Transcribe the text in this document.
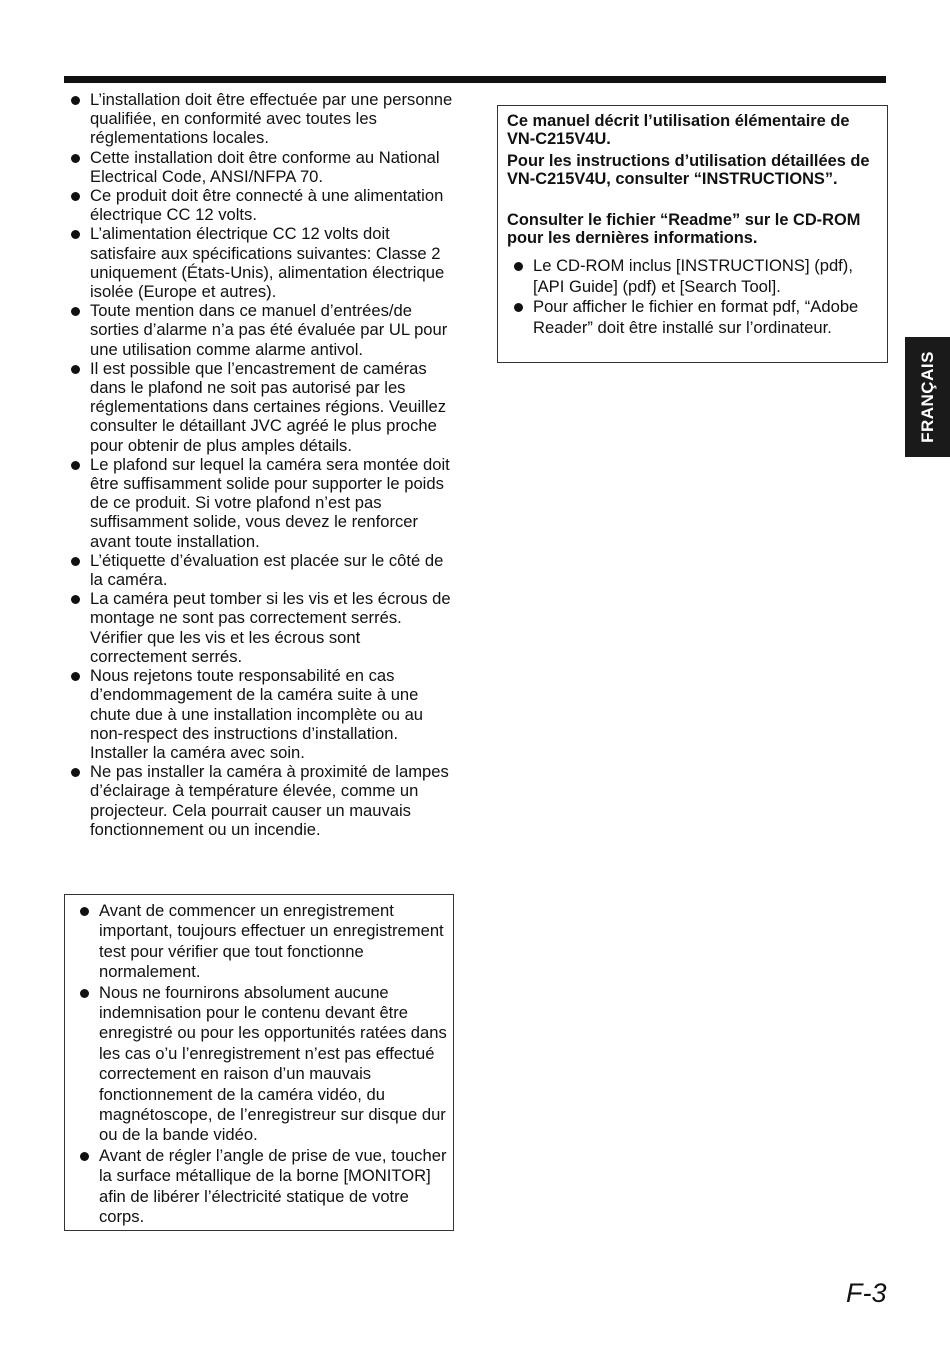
L’installation doit être effectuée par une personne qualifiée, en conformité avec toutes les réglementations locales.
Cette installation doit être conforme au National Electrical Code, ANSI/NFPA 70.
Ce produit doit être connecté à une alimentation électrique CC 12 volts.
L’alimentation électrique CC 12 volts doit satisfaire aux spécifications suivantes: Classe 2 uniquement (États-Unis), alimentation électrique isolée (Europe et autres).
Toute mention dans ce manuel d’entrées/de sorties d’alarme n’a pas été évaluée par UL pour une utilisation comme alarme antivol.
Il est possible que l’encastrement de caméras dans le plafond ne soit pas autorisé par les réglementations dans certaines régions. Veuillez consulter le détaillant JVC agréé le plus proche pour obtenir de plus amples détails.
Le plafond sur lequel la caméra sera montée doit être suffisamment solide pour supporter le poids de ce produit. Si votre plafond n’est pas suffisamment solide, vous devez le renforcer avant toute installation.
L’étiquette d’évaluation est placée sur le côté de la caméra.
La caméra peut tomber si les vis et les écrous de montage ne sont pas correctement serrés. Vérifier que les vis et les écrous sont correctement serrés.
Nous rejetons toute responsabilité en cas d’endommagement de la caméra suite à une chute due à une installation incomplète ou au non-respect des instructions d’installation. Installer la caméra avec soin.
Ne pas installer la caméra à proximité de lampes d’éclairage à température élevée, comme un projecteur. Cela pourrait causer un mauvais fonctionnement ou un incendie.
Avant de commencer un enregistrement important, toujours effectuer un enregistrement test pour vérifier que tout fonctionne normalement.
Nous ne fournirons absolument aucune indemnisation pour le contenu devant être enregistré ou pour les opportunités ratées dans les cas o’u l’enregistrement n’est pas effectué correctement en raison d’un mauvais fonctionnement de la caméra vidéo, du magnétoscope, de l’enregistreur sur disque dur ou de la bande vidéo.
Avant de régler l’angle de prise de vue, toucher la surface métallique de la borne [MONITOR] afin de libérer l’électricité statique de votre corps.

Ce manuel décrit l’utilisation élémentaire de VN-C215V4U.

Pour les instructions d’utilisation détaillées de VN-C215V4U, consulter “INSTRUCTIONS”.

Consulter le fichier “Readme” sur le CD-ROM pour les dernières informations.

Le CD-ROM inclus [INSTRUCTIONS] (pdf), [API Guide] (pdf) et [Search Tool].
Pour afficher le fichier en format pdf, “Adobe Reader” doit être installé sur l’ordinateur.
FRANÇAIS
F-3
